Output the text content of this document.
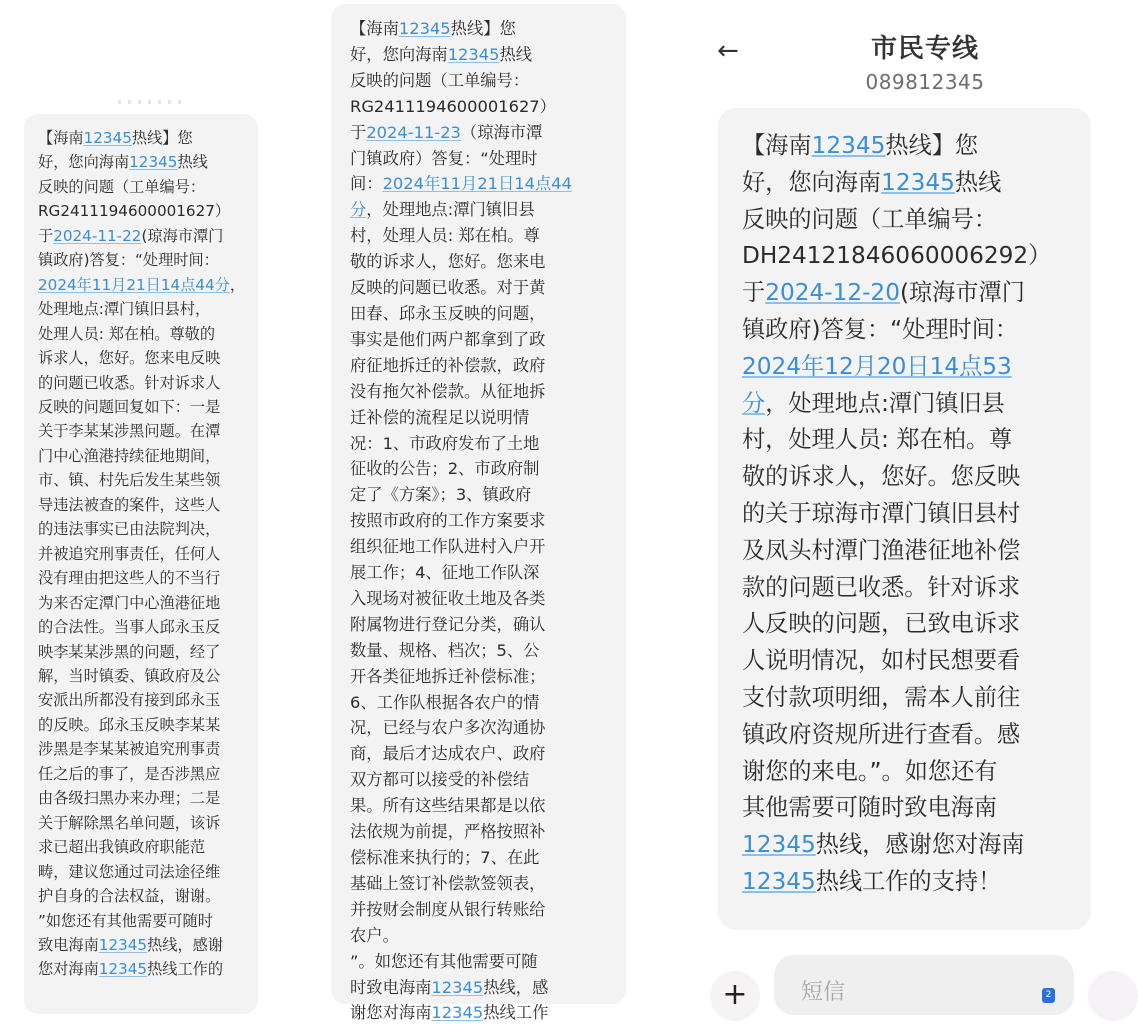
【海南12345热线】您
好，您向海南12345热线
反映的问题（工单编号：
RG2411194600001627）
于2024-11-22(琼海市潭门
镇政府)答复：“处理时间：
2024年11月21日14点44分，
处理地点:潭门镇旧县村，
处理人员: 郑在柏。尊敬的
诉求人，您好。您来电反映
的问题已收悉。针对诉求人
反映的问题回复如下：一是
关于李某某涉黑问题。在潭
门中心渔港持续征地期间，
市、镇、村先后发生某些领
导违法被查的案件，这些人
的违法事实已由法院判决，
并被追究刑事责任，任何人
没有理由把这些人的不当行
为来否定潭门中心渔港征地
的合法性。当事人邱永玉反
映李某某涉黑的问题，经了
解，当时镇委、镇政府及公
安派出所都没有接到邱永玉
的反映。邱永玉反映李某某
涉黑是李某某被追究刑事责
任之后的事了，是否涉黑应
由各级扫黑办来办理；二是
关于解除黑名单问题，该诉
求已超出我镇政府职能范
畴，建议您通过司法途径维
护自身的合法权益，谢谢。
”如您还有其他需要可随时
致电海南12345热线，感谢
您对海南12345热线工作的
【海南12345热线】您
好，您向海南12345热线
反映的问题（工单编号：
RG2411194600001627）
于2024-11-23（琼海市潭
门镇政府）答复：“处理时
间：2024年11月21日14点44
分，处理地点:潭门镇旧县
村，处理人员: 郑在柏。尊
敬的诉求人，您好。您来电
反映的问题已收悉。对于黄
田春、邱永玉反映的问题，
事实是他们两户都拿到了政
府征地拆迁的补偿款，政府
没有拖欠补偿款。从征地拆
迁补偿的流程足以说明情
况：1、市政府发布了土地
征收的公告；2、市政府制
定了《方案》；3、镇政府
按照市政府的工作方案要求
组织征地工作队进村入户开
展工作；4、征地工作队深
入现场对被征收土地及各类
附属物进行登记分类，确认
数量、规格、档次；5、公
开各类征地拆迁补偿标准；
6、工作队根据各农户的情
况，已经与农户多次沟通协
商，最后才达成农户、政府
双方都可以接受的补偿结
果。所有这些结果都是以依
法依规为前提，严格按照补
偿标准来执行的；7、在此
基础上签订补偿款签领表，
并按财会制度从银行转账给
农户。
”。如您还有其他需要可随
时致电海南12345热线，感
谢您对海南12345热线工作
←	市民专线
089812345
【海南12345热线】您
好，您向海南12345热线
反映的问题（工单编号：
DH24121846060006292）
于2024-12-20(琼海市潭门
镇政府)答复：“处理时间：
2024年12月20日14点53
分，处理地点:潭门镇旧县
村，处理人员: 郑在柏。尊
敬的诉求人，您好。您反映
的关于琼海市潭门镇旧县村
及凤头村潭门渔港征地补偿
款的问题已收悉。针对诉求
人反映的问题，已致电诉求
人说明情况，如村民想要看
支付款项明细，需本人前往
镇政府资规所进行查看。感
谢您的来电。”。如您还有
其他需要可随时致电海南
12345热线，感谢您对海南
12345热线工作的支持！
+	短信	2
